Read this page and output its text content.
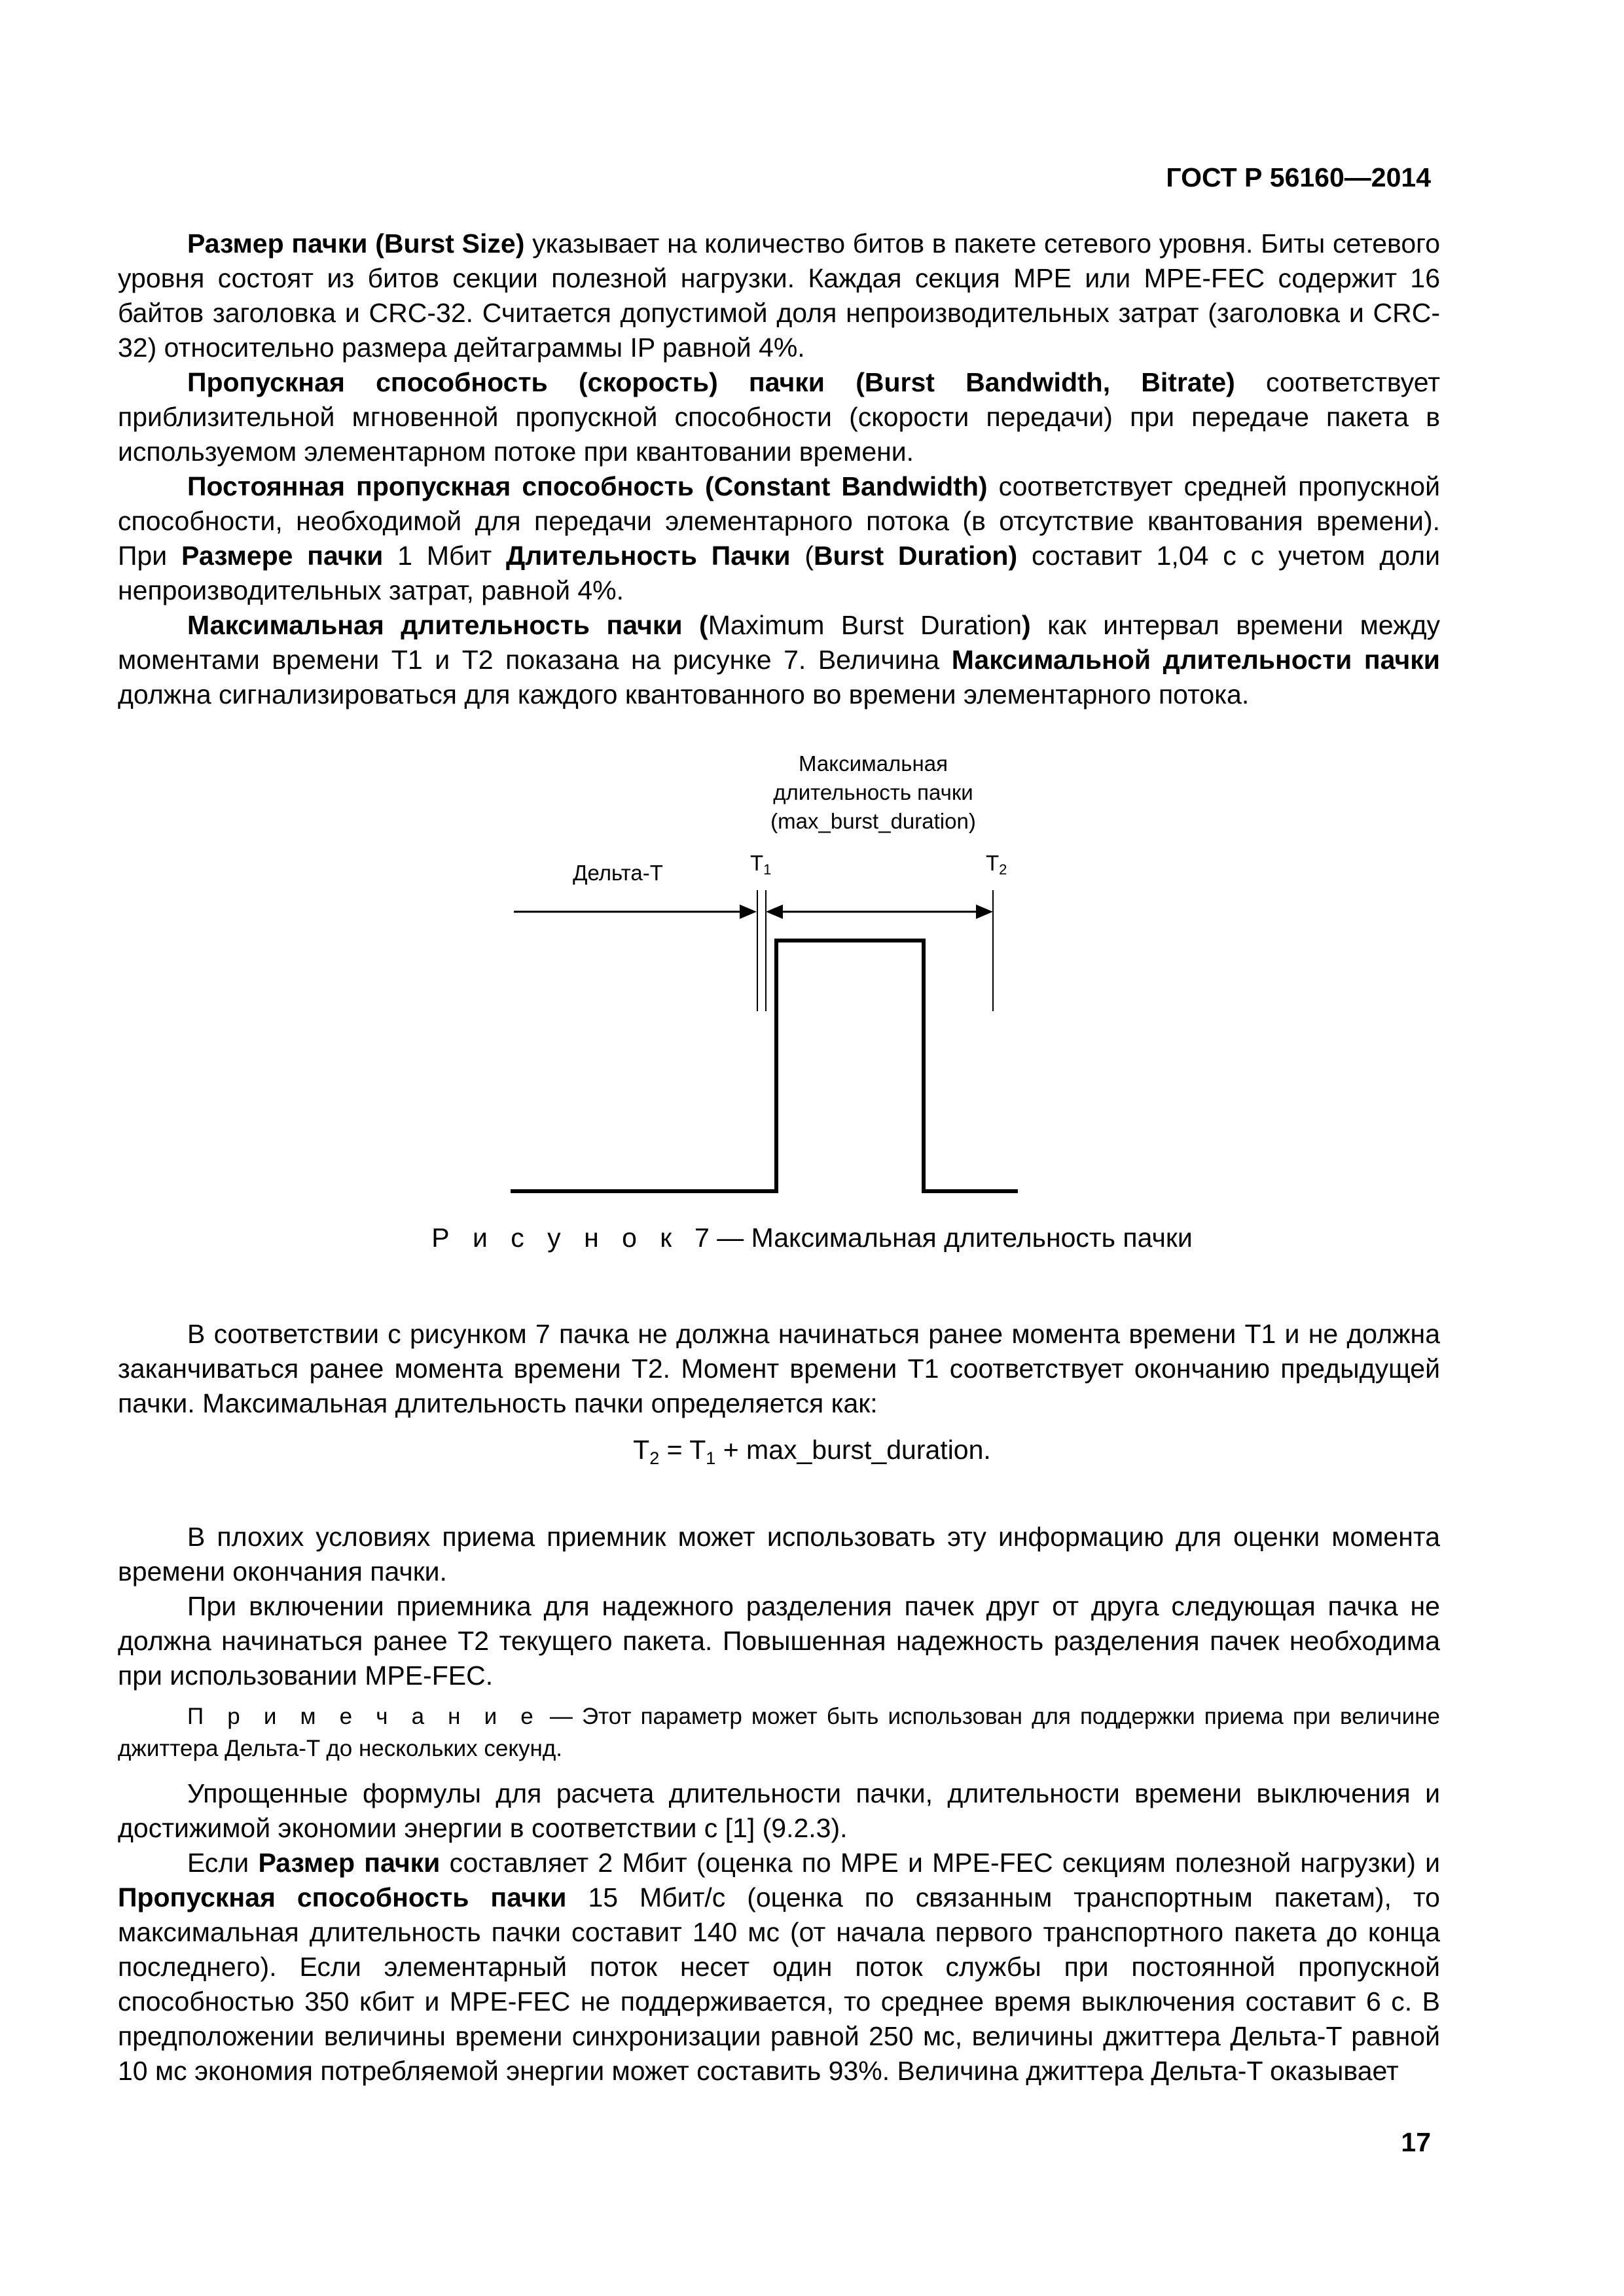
ГОСТ Р 56160—2014

Размер пачки (Burst Size) указывает на количество битов в пакете сетевого уровня. Биты сетевого уровня состоят из битов секции полезной нагрузки. Каждая секция MPE или MPE-FEC содержит 16 байтов заголовка и CRC-32. Считается допустимой доля непроизводительных затрат (заголовка и CRC-32) относительно размера дейтаграммы IP равной 4%.

Пропускная способность (скорость) пачки (Burst Bandwidth, Bitrate) соответствует приблизительной мгновенной пропускной способности (скорости передачи) при передаче пакета в используемом элементарном потоке при квантовании времени.

Постоянная пропускная способность (Constant Bandwidth) соответствует средней пропускной способности, необходимой для передачи элементарного потока (в отсутствие квантования времени). При Размере пачки 1 Мбит Длительность Пачки (Burst Duration) составит 1,04 с с учетом доли непроизводительных затрат, равной 4%.

Максимальная длительность пачки (Maximum Burst Duration) как интервал времени между моментами времени T1 и T2 показана на рисунке 7. Величина Максимальной длительности пачки должна сигнализироваться для каждого квантованного во времени элементарного потока.

Максимальная
длительность пачки
(max_burst_duration)
Дельта-T	T1	T2
Р и с у н о к 7 — Максимальная длительность пачки

В соответствии с рисунком 7 пачка не должна начинаться ранее момента времени T1 и не должна заканчиваться ранее момента времени T2. Момент времени T1 соответствует окончанию предыдущей пачки. Максимальная длительность пачки определяется как:

$T_2 = T_1$ + max_burst_duration.

В плохих условиях приема приемник может использовать эту информацию для оценки момента времени окончания пачки.

При включении приемника для надежного разделения пачек друг от друга следующая пачка не должна начинаться ранее T2 текущего пакета. Повышенная надежность разделения пачек необходима при использовании MPE-FEC.

П р и м е ч а н и е — Этот параметр может быть использован для поддержки приема при величине джиттера Дельта-T до нескольких секунд.

Упрощенные формулы для расчета длительности пачки, длительности времени выключения и достижимой экономии энергии в соответствии с [1] (9.2.3).

Если Размер пачки составляет 2 Мбит (оценка по MPE и MPE-FEC секциям полезной нагрузки) и Пропускная способность пачки 15 Мбит/с (оценка по связанным транспортным пакетам), то максимальная длительность пачки составит 140 мс (от начала первого транспортного пакета до конца последнего). Если элементарный поток несет один поток службы при постоянной пропускной способностью 350 кбит и MPE-FEC не поддерживается, то среднее время выключения составит 6 с. В предположении величины времени синхронизации равной 250 мс, величины джиттера Дельта-T равной 10 мс экономия потребляемой энергии может составить 93%. Величина джиттера Дельта-T оказывает

17
